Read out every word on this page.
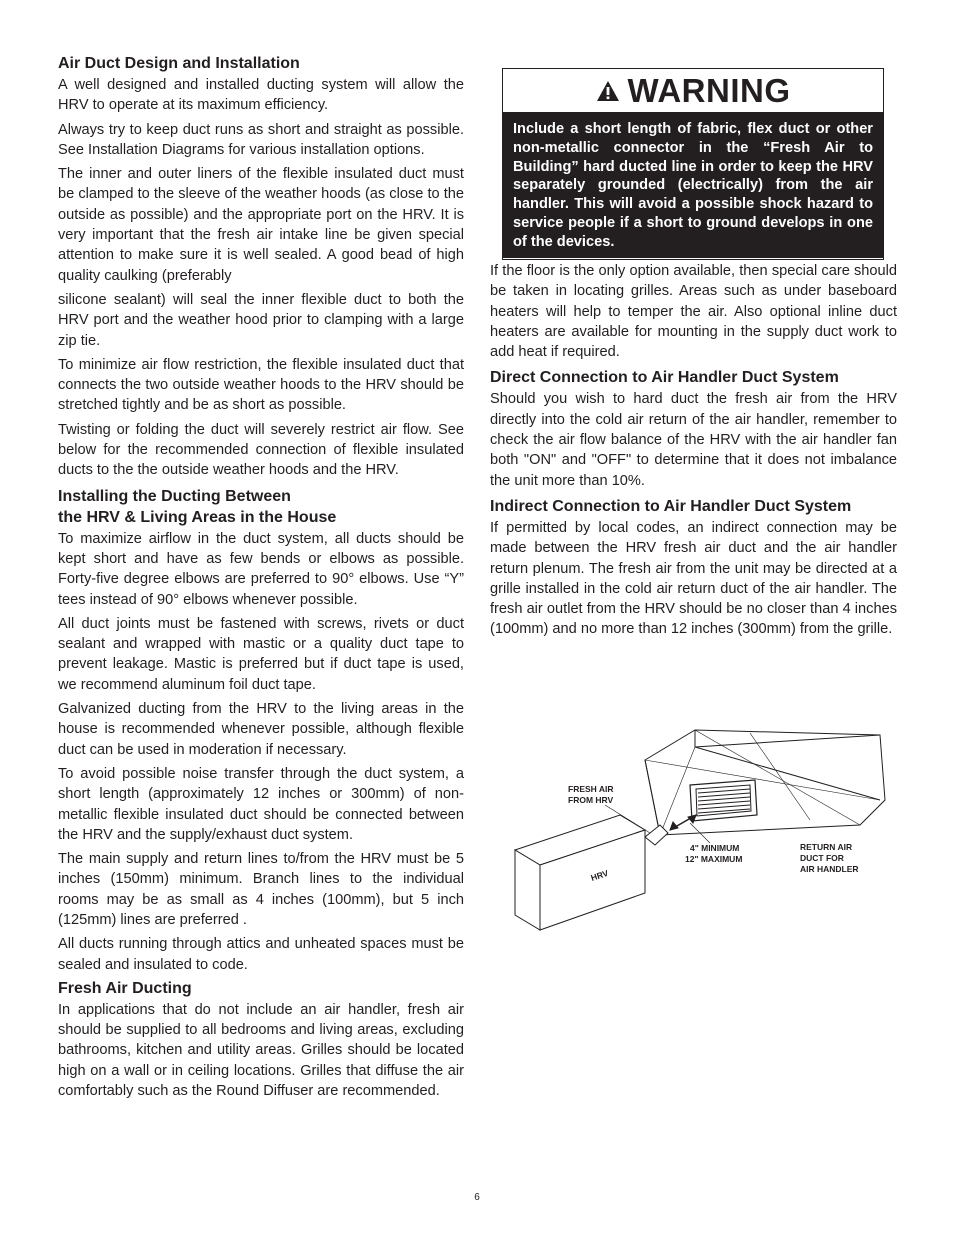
Air Duct Design and Installation

A well designed and installed ducting system will allow the HRV to operate at its maximum efficiency.

Always try to keep duct runs as short and straight as possible. See Installation Diagrams for various installation options.

The inner and outer liners of the flexible insulated duct must be clamped to the sleeve of the weather hoods (as close to the outside as possible) and the appropriate port on the HRV. It is very important that the fresh air intake line be given special attention to make sure it is well sealed. A good bead of high quality caulking (preferably

silicone sealant) will seal the inner flexible duct to both the HRV port and the weather hood prior to clamping with a large zip tie.

To minimize air flow restriction, the flexible insulated duct that connects the two outside weather hoods to the HRV should be stretched tightly and be as short as possible.

Twisting or folding the duct will severely restrict air flow. See below for the recommended connection of flexible insulated ducts to the the outside weather hoods and the HRV.

Installing the Ducting Between
the HRV & Living Areas in the House

To maximize airflow in the duct system, all ducts should be kept short and have as few bends or elbows as possible. Forty-five degree elbows are preferred to 90° elbows. Use “Y” tees instead of 90° elbows whenever possible.

All duct joints must be fastened with screws, rivets or duct sealant and wrapped with mastic or a quality duct tape to prevent leakage. Mastic is preferred but if duct tape is used, we recommend aluminum foil duct tape.

Galvanized ducting from the HRV to the living areas in the house is recommended whenever possible, although flexible duct can be used in moderation if necessary.

To avoid possible noise transfer through the duct system, a short length (approximately 12 inches or 300mm) of non-metallic flexible insulated duct should be connected between the HRV and the supply/exhaust duct system.

The main supply and return lines to/from the HRV must be 5 inches (150mm) minimum. Branch lines to the individual rooms may be as small as 4 inches (100mm), but 5 inch (125mm) lines are preferred .

All ducts running through attics and unheated spaces must be sealed and insulated to code.

Fresh Air Ducting

In applications that do not include an air handler, fresh air should be supplied to all bedrooms and living areas, excluding bathrooms, kitchen and utility areas. Grilles should be located high on a wall or in ceiling locations. Grilles that diffuse the air comfortably such as the Round Diffuser are recommended.

WARNING
Include a short length of fabric, flex duct or other non-metallic connector in the “Fresh Air to Building” hard ducted line in order to keep the HRV separately grounded (electrically) from the air handler. This will avoid a possible shock hazard to service people if a short to ground develops in one of the devices.

If the floor is the only option available, then special care should be taken in locating grilles. Areas such as under baseboard heaters will help to temper the air. Also optional inline duct heaters are available for mounting in the supply duct work to add heat if required.

Direct Connection to Air Handler Duct System

Should you wish to hard duct the fresh air from the HRV directly into the cold air return of the air handler, remember to check the air flow balance of the HRV with the air handler fan both "ON" and "OFF" to determine that it does not imbalance the unit more than 10%.

Indirect Connection to Air Handler Duct System

If permitted by local codes, an indirect connection may be made between the HRV fresh air duct and the air handler return plenum. The fresh air from the unit may be directed at a grille installed in the cold air return duct of the air handler. The fresh air outlet from the HRV should be no closer than 4 inches (100mm) and no more than 12 inches (300mm) from the grille.

FRESH AIR
FROM HRV
4" MINIMUM
12" MAXIMUM
RETURN AIR
DUCT FOR
AIR HANDLER
HRV
6
